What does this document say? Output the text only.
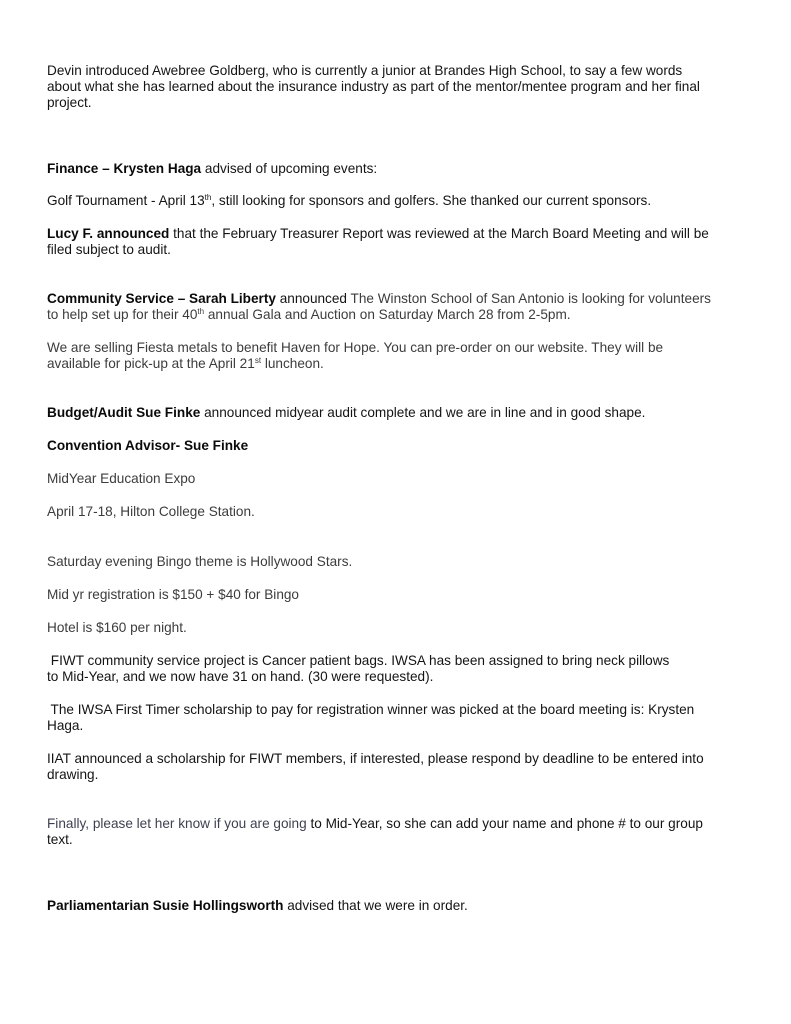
Devin introduced Awebree Goldberg, who is currently a junior at Brandes High School, to say a few words
about what she has learned about the insurance industry as part of the mentor/mentee program and her final
project.
Finance – Krysten Haga advised of upcoming events:
Golf Tournament - April 13th, still looking for sponsors and golfers. She thanked our current sponsors.
Lucy F. announced that the February Treasurer Report was reviewed at the March Board Meeting and will be
filed subject to audit.
Community Service – Sarah Liberty announced The Winston School of San Antonio is looking for volunteers
to help set up for their 40th annual Gala and Auction on Saturday March 28 from 2-5pm.
We are selling Fiesta metals to benefit Haven for Hope. You can pre-order on our website. They will be
available for pick-up at the April 21st luncheon.
Budget/Audit Sue Finke announced midyear audit complete and we are in line and in good shape.
Convention Advisor- Sue Finke
MidYear Education Expo
April 17-18, Hilton College Station.
Saturday evening Bingo theme is Hollywood Stars.
Mid yr registration is $150 + $40 for Bingo
Hotel is $160 per night.
FIWT community service project is Cancer patient bags. IWSA has been assigned to bring neck pillows
to Mid-Year, and we now have 31 on hand. (30 were requested).
The IWSA First Timer scholarship to pay for registration winner was picked at the board meeting is: Krysten
Haga.
IIAT announced a scholarship for FIWT members, if interested, please respond by deadline to be entered into
drawing.
Finally, please let her know if you are going to Mid-Year, so she can add your name and phone # to our group
text.
Parliamentarian Susie Hollingsworth advised that we were in order.
